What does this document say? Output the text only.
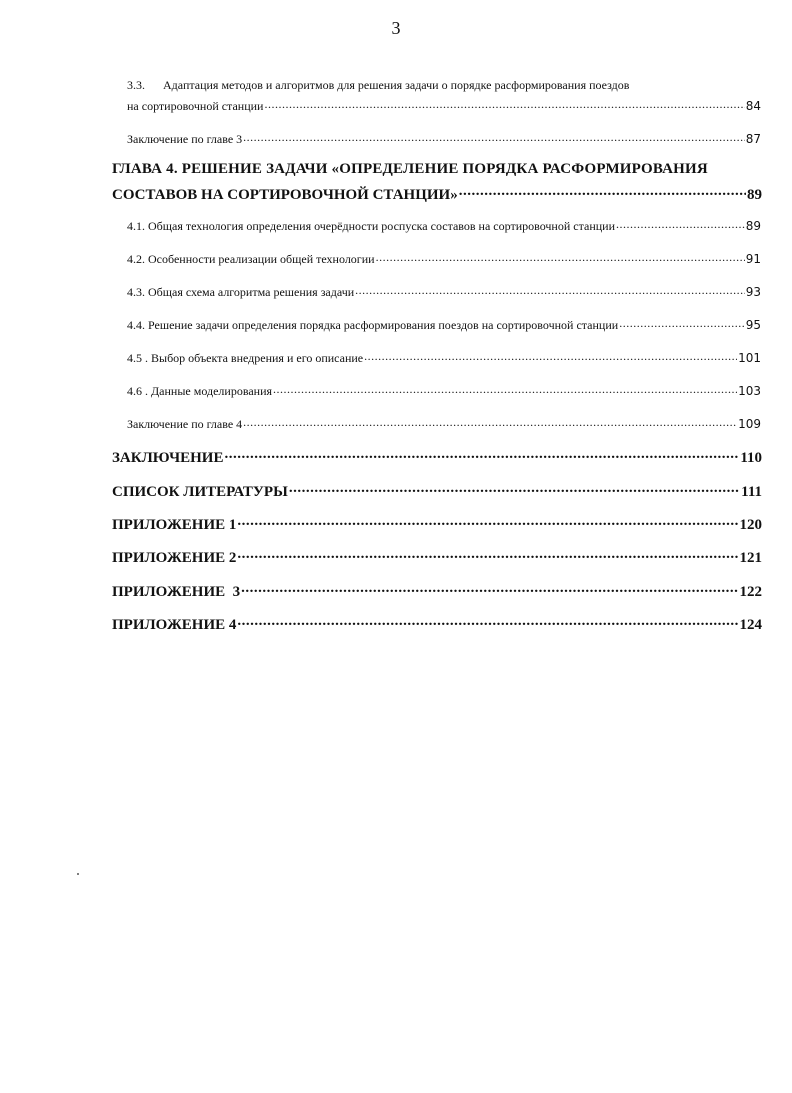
3
3.3. Адаптация методов и алгоритмов для решения задачи о порядке расформирования поездов
на сортировочной станции .....	84
Заключение по главе 3 .....	87
ГЛАВА 4. РЕШЕНИЕ ЗАДАЧИ «ОПРЕДЕЛЕНИЕ ПОРЯДКА РАСФОРМИРОВАНИЯ
СОСТАВОВ НА СОРТИРОВОЧНОЙ СТАНЦИИ» .....	89
4.1. Общая технология определения очерёдности роспуска составов на сортировочной станции .....	89
4.2. Особенности реализации общей технологии .....	91
4.3. Общая схема алгоритма решения задачи .....	93
4.4. Решение задачи определения порядка расформирования поездов на сортировочной станции .....	95
4.5 . Выбор объекта внедрения и его описание .....	101
4.6 . Данные моделирования .....	103
Заключение по главе 4 .....	109
ЗАКЛЮЧЕНИЕ .....	110
СПИСОК ЛИТЕРАТУРЫ .....	111
ПРИЛОЖЕНИЕ 1 .....	120
ПРИЛОЖЕНИЕ 2 .....	121
ПРИЛОЖЕНИЕ  3 .....	122
ПРИЛОЖЕНИЕ 4 .....	124
